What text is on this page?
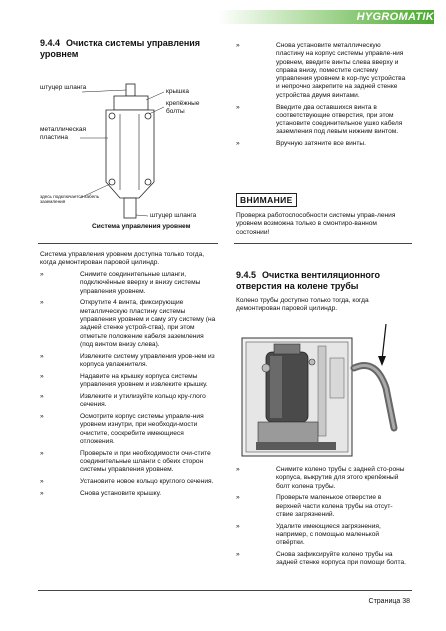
HYGROMATIK
9.4.4 Очистка системы управления уровнем
штуцер шланга
крышка
крепёжные болты
металлическая пластина
здесь подключается кабель заземления
штуцер шланга
Система управления уровнем
Система управления уровнем доступна только тогда, когда демонтирован паровой цилиндр.
»	Снимите соединительные шланги, подключённые вверху и внизу системы управления уровнем.
»	Открутите 4 винта, фиксирующие металлическую пластину системы управления уровнем и саму эту систему (на задней стенке устрой-ства), при этом отметьте положение кабеля заземления (под винтом внизу слева).
»	Извлеките систему управления уров-нем из корпуса увлажнителя.
»	Надавите на крышку корпуса системы управления уровнем и извлеките крышку.
»	Извлеките и утилизуйте кольцо кру-глого сечения.
»	Осмотрите корпус системы управле-ния уровнем изнутри, при необходи-мости очистите, соскребите имеющиеся отложения.
»	Проверьте и при необходимости очи-стите соединительные шланги с обеих сторон системы управления уровнем.
»	Установите новое кольцо круглого сечения.
»	Снова установите крышку.
»	Снова установите металлическую пластину на корпус системы управле-ния уровнем, введите винты слева вверху и справа внизу, поместите систему управления уровнем в кор-пус устройства и непрочно закрепите на задней стенке устройства двумя винтами.
»	Введите два оставшихся винта в соответствующие отверстия, при этом установите соединительное ушко кабеля заземления под левым нижним винтом.
»	Вручную затяните все винты.
ВНИМАНИЕ
Проверка работоспособности системы управ-ления уровнем возможна только в смонтиро-ванном состоянии!
9.4.5 Очистка вентиляционного отверстия на колене трубы
Колено трубы доступно только тогда, когда демонтирован паровой цилиндр.
»	Снимите колено трубы с задней сто-роны корпуса, выкрутив для этого крепёжный болт колена трубы.
»	Проверьте маленькое отверстие в верхней части колена трубы на отсут-ствие загрязнений.
»	Удалите имеющиеся загрязнения, например, с помощью маленькой отвёртки.
»	Снова зафиксируйте колено трубы на задней стенке корпуса при помощи болта.
Страница 38
